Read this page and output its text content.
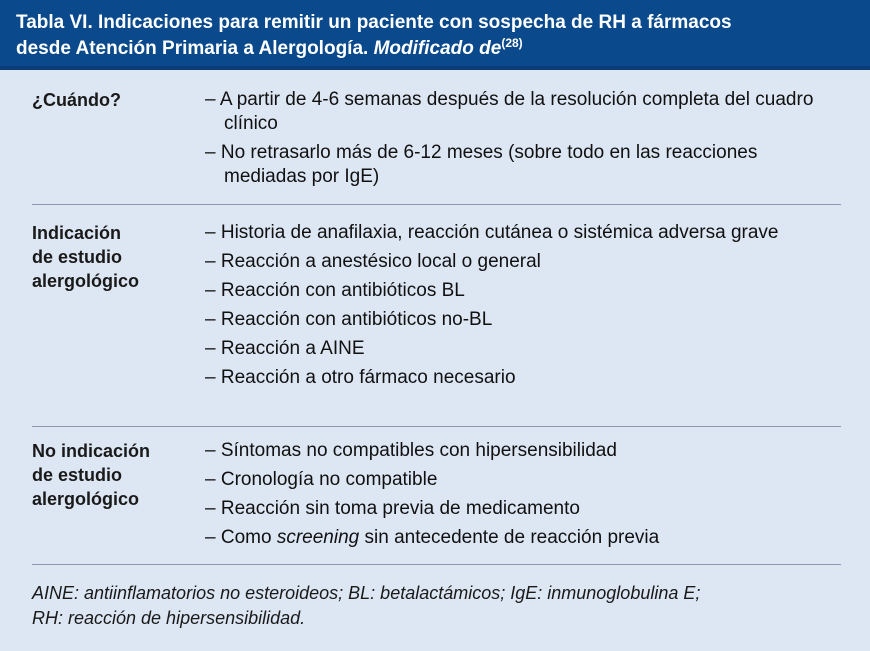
Tabla VI. Indicaciones para remitir un paciente con sospecha de RH a fármacos
desde Atención Primaria a Alergología. Modificado $de^{(28)}$
¿Cuándo?
–	A partir de 4-6 semanas después de la resolución completa del cuadro clínico
– No retrasarlo más de 6-12 meses (sobre todo en las reacciones mediadas por IgE)
Indicación
de estudio
alergológico
– Historia de anafilaxia, reacción cutánea o sistémica adversa grave
– Reacción a anestésico local o general
– Reacción con antibióticos BL
– Reacción con antibióticos no-BL
– Reacción a AINE
– Reacción a otro fármaco necesario
No indicación
de estudio
alergológico
– Síntomas no compatibles con hipersensibilidad
– Cronología no compatible
– Reacción sin toma previa de medicamento
– Como screening sin antecedente de reacción previa
AINE: antiinflamatorios no esteroideos; BL: betalactámicos; IgE: inmunoglobulina E;
RH: reacción de hipersensibilidad.
